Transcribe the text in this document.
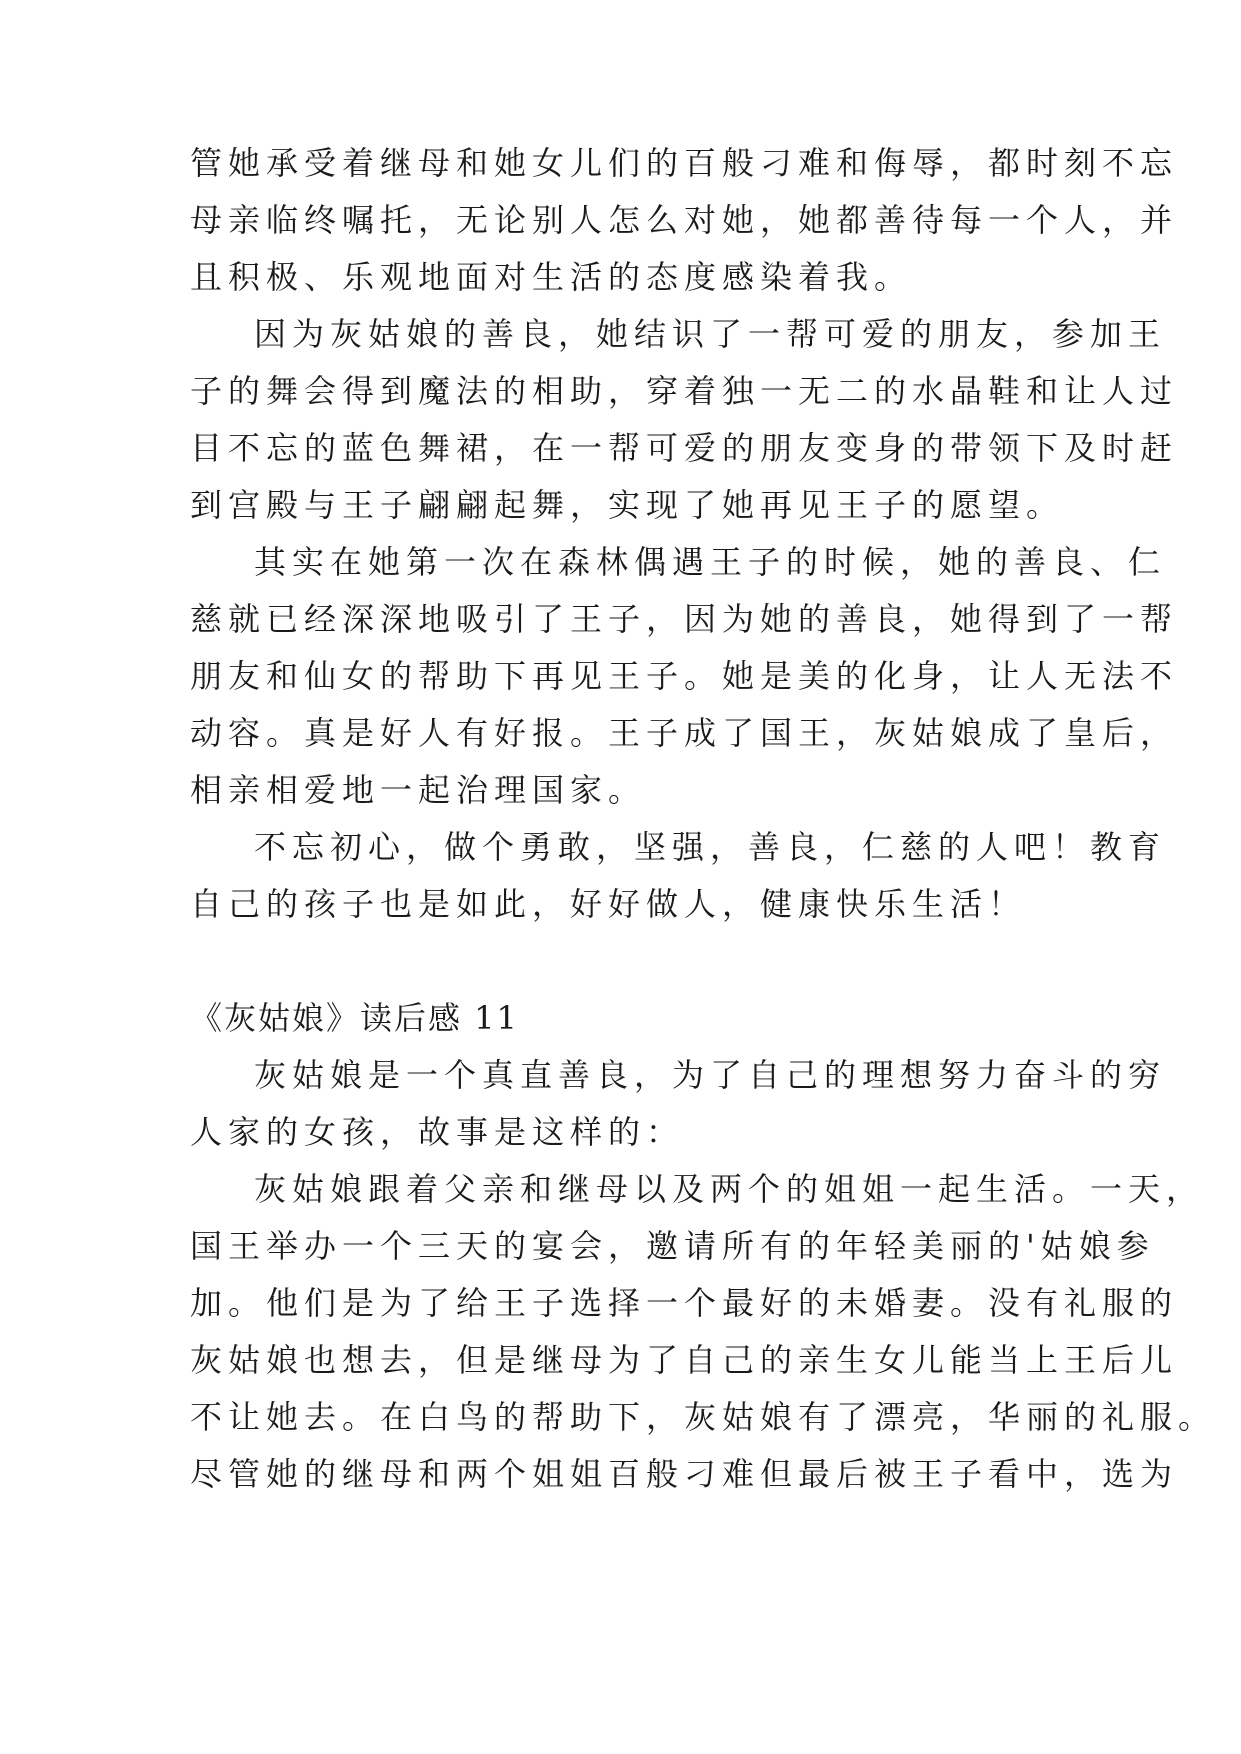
管她承受着继母和她女儿们的百般刁难和侮辱，都时刻不忘
母亲临终嘱托，无论别人怎么对她，她都善待每一个人，并
且积极、乐观地面对生活的态度感染着我。
因为灰姑娘的善良，她结识了一帮可爱的朋友，参加王
子的舞会得到魔法的相助，穿着独一无二的水晶鞋和让人过
目不忘的蓝色舞裙，在一帮可爱的朋友变身的带领下及时赶
到宫殿与王子翩翩起舞，实现了她再见王子的愿望。
其实在她第一次在森林偶遇王子的时候，她的善良、仁
慈就已经深深地吸引了王子，因为她的善良，她得到了一帮
朋友和仙女的帮助下再见王子。她是美的化身，让人无法不
动容。真是好人有好报。王子成了国王，灰姑娘成了皇后，
相亲相爱地一起治理国家。
不忘初心，做个勇敢，坚强，善良，仁慈的人吧！教育
自己的孩子也是如此，好好做人，健康快乐生活！
《灰姑娘》读后感 11
灰姑娘是一个真直善良，为了自己的理想努力奋斗的穷
人家的女孩，故事是这样的：
灰姑娘跟着父亲和继母以及两个的姐姐一起生活。一天，
国王举办一个三天的宴会，邀请所有的年轻美丽的'姑娘参
加。他们是为了给王子选择一个最好的未婚妻。没有礼服的
灰姑娘也想去，但是继母为了自己的亲生女儿能当上王后儿
不让她去。在白鸟的帮助下，灰姑娘有了漂亮，华丽的礼服。
尽管她的继母和两个姐姐百般刁难但最后被王子看中，选为
